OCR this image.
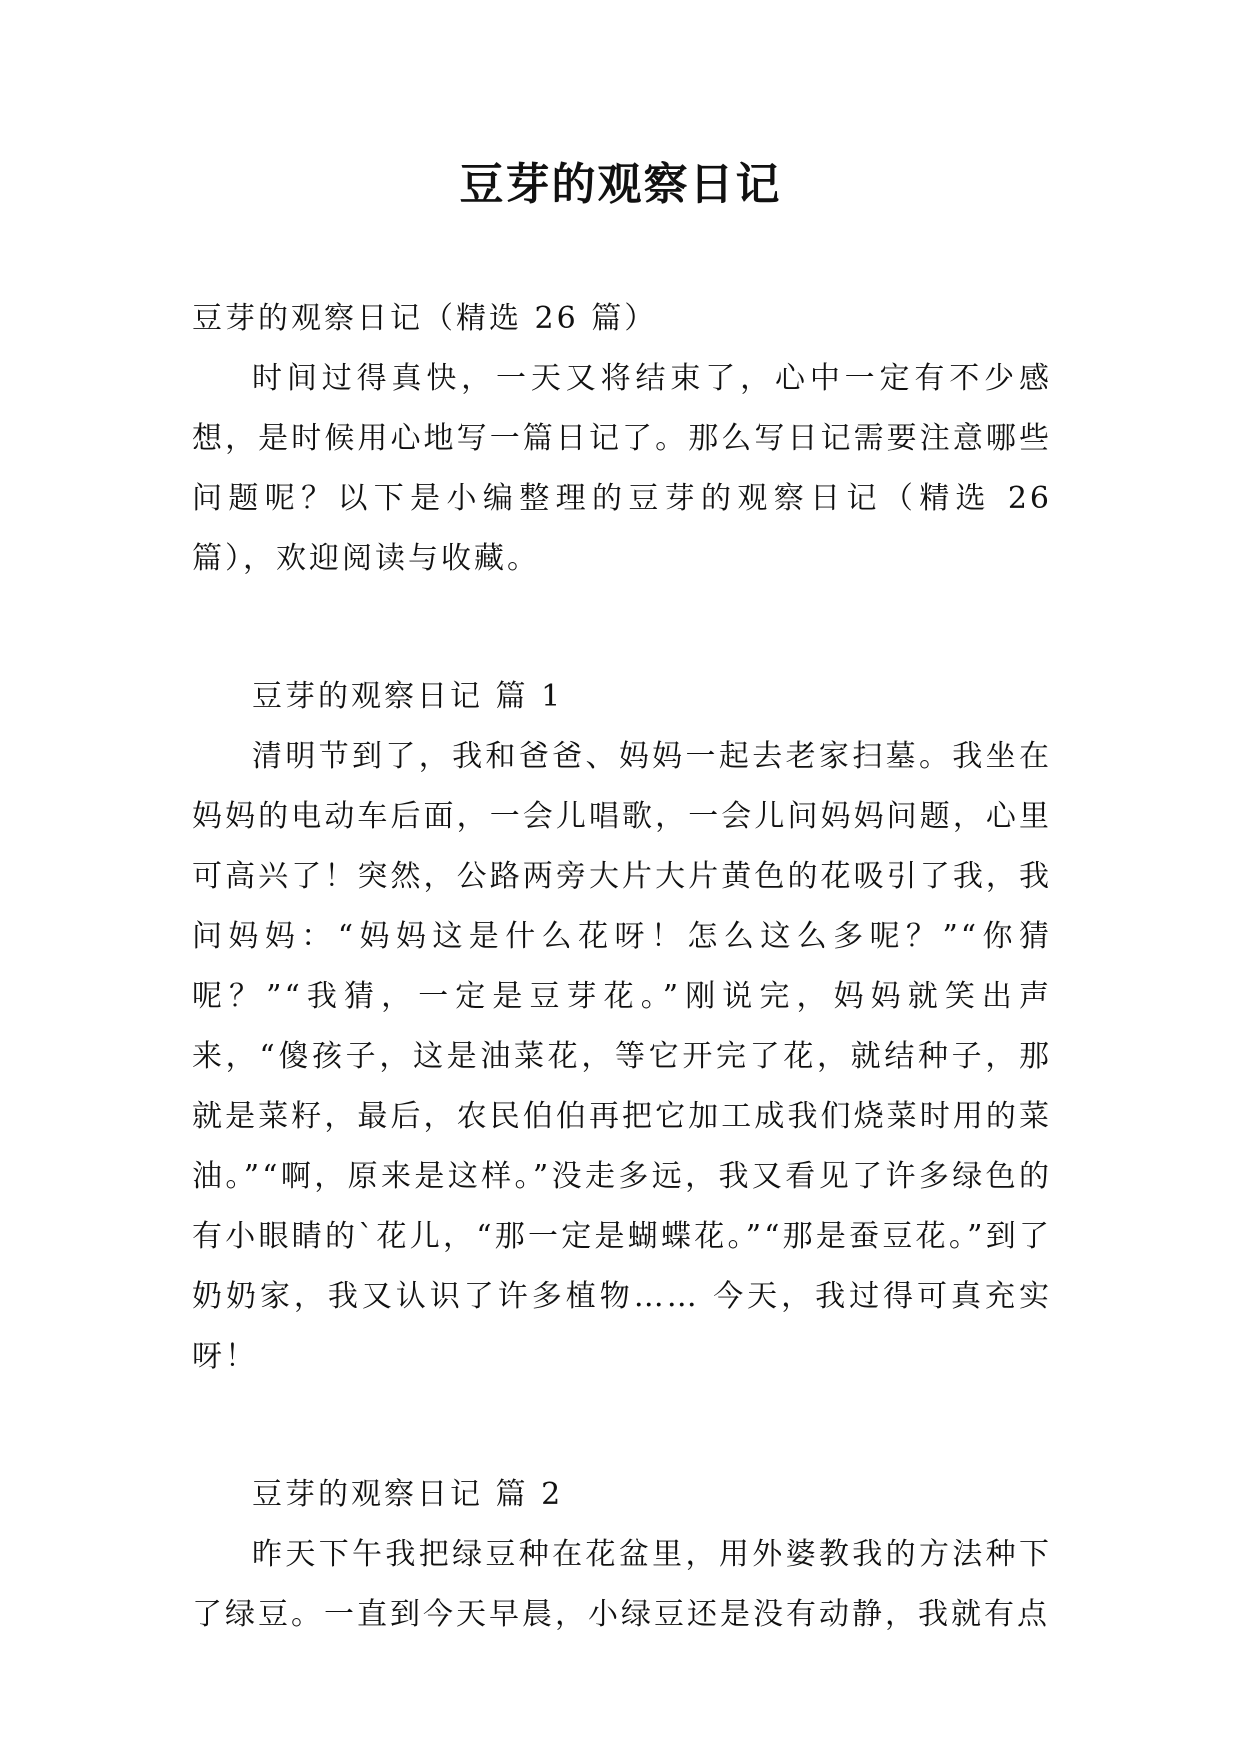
豆芽的观察日记

豆芽的观察日记（精选 26 篇）

时间过得真快，一天又将结束了，心中一定有不少感想，是时候用心地写一篇日记了。那么写日记需要注意哪些问题呢？以下是小编整理的豆芽的观察日记（精选 26 篇），欢迎阅读与收藏。

豆芽的观察日记 篇 1

清明节到了，我和爸爸、妈妈一起去老家扫墓。我坐在妈妈的电动车后面，一会儿唱歌，一会儿问妈妈问题，心里可高兴了！突然，公路两旁大片大片黄色的花吸引了我，我问妈妈：“妈妈这是什么花呀！怎么这么多呢？”“你猜呢？”“我猜，一定是豆芽花。”刚说完，妈妈就笑出声来，“傻孩子，这是油菜花，等它开完了花，就结种子，那就是菜籽，最后，农民伯伯再把它加工成我们烧菜时用的菜油。”“啊，原来是这样。”没走多远，我又看见了许多绿色的有小眼睛的`花儿，“那一定是蝴蝶花。”“那是蚕豆花。”到了奶奶家，我又认识了许多植物…… 今天，我过得可真充实呀！

豆芽的观察日记 篇 2

昨天下午我把绿豆种在花盆里，用外婆教我的方法种下了绿豆。一直到今天早晨，小绿豆还是没有动静，我就有点
